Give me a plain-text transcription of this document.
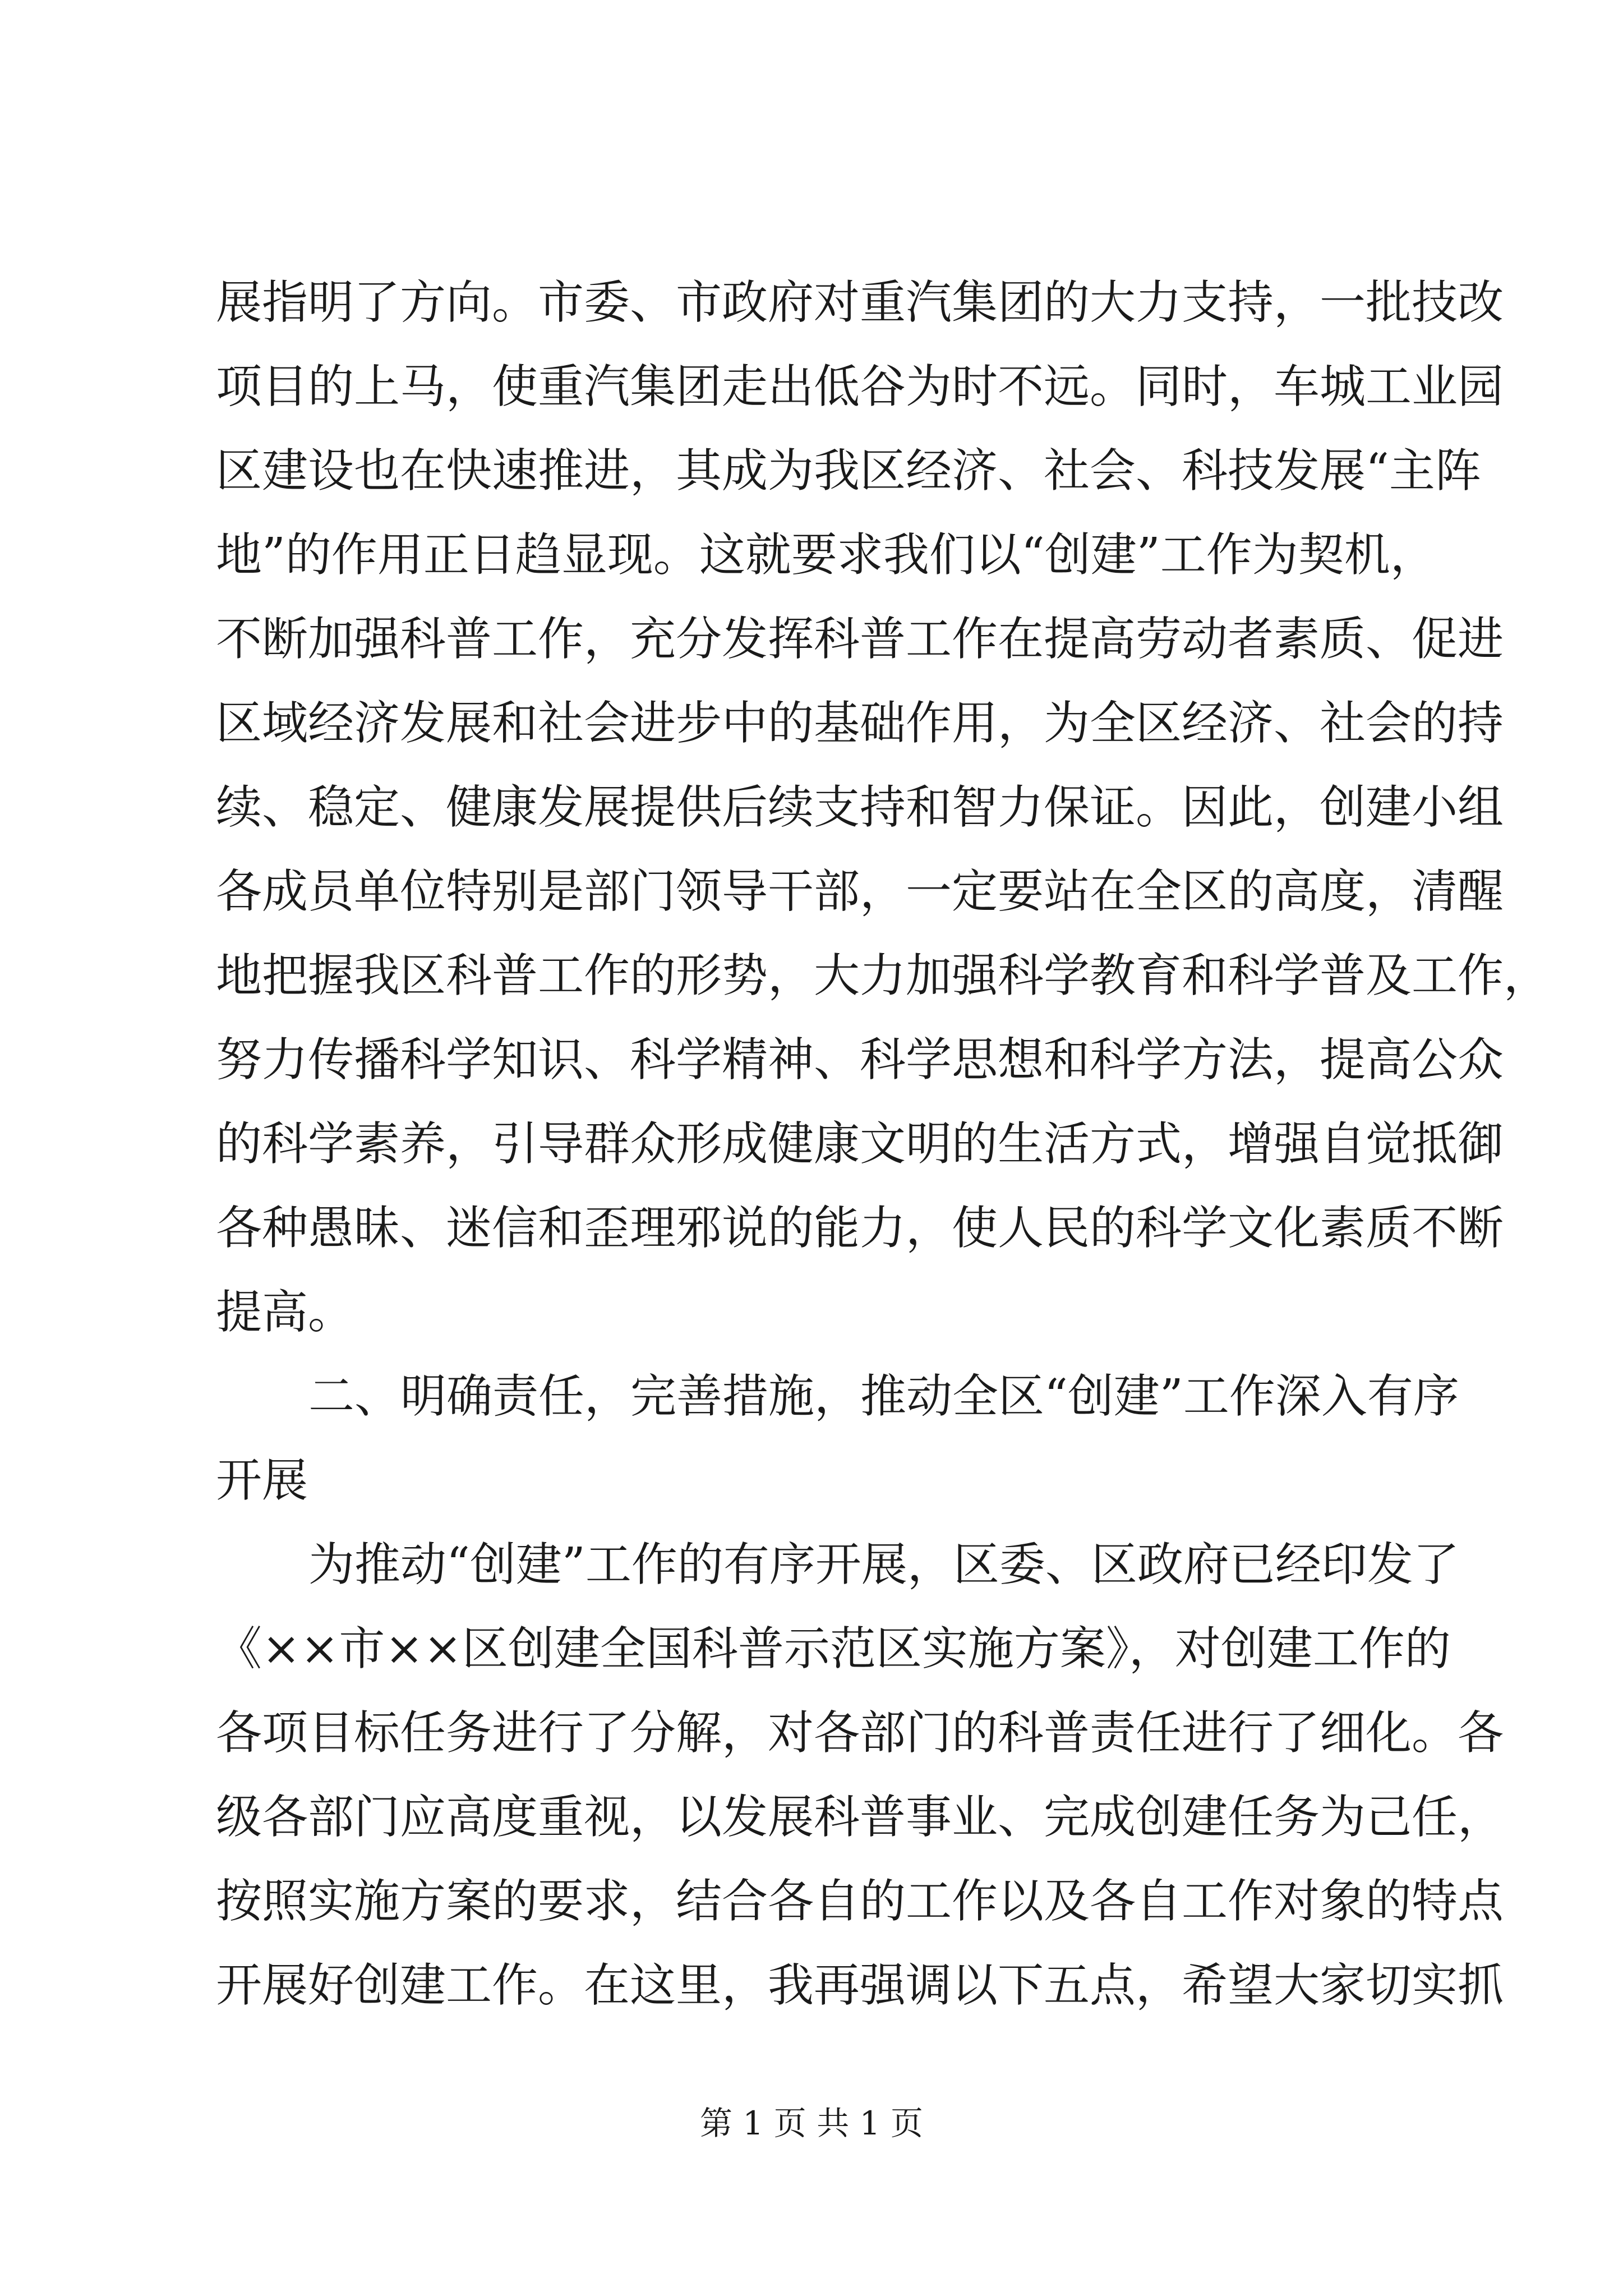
展指明了方向。市委、市政府对重汽集团的大力支持，一批技改
项目的上马，使重汽集团走出低谷为时不远。同时，车城工业园
区建设也在快速推进，其成为我区经济、社会、科技发展“主阵
地”的作用正日趋显现。这就要求我们以“创建”工作为契机，
不断加强科普工作，充分发挥科普工作在提高劳动者素质、促进
区域经济发展和社会进步中的基础作用，为全区经济、社会的持
续、稳定、健康发展提供后续支持和智力保证。因此，创建小组
各成员单位特别是部门领导干部，一定要站在全区的高度，清醒
地把握我区科普工作的形势，大力加强科学教育和科学普及工作，
努力传播科学知识、科学精神、科学思想和科学方法，提高公众
的科学素养，引导群众形成健康文明的生活方式，增强自觉抵御
各种愚昧、迷信和歪理邪说的能力，使人民的科学文化素质不断
提高。
二、明确责任，完善措施，推动全区“创建”工作深入有序
开展
为推动“创建”工作的有序开展，区委、区政府已经印发了
《××市××区创建全国科普示范区实施方案》，对创建工作的
各项目标任务进行了分解，对各部门的科普责任进行了细化。各
级各部门应高度重视，以发展科普事业、完成创建任务为己任，
按照实施方案的要求，结合各自的工作以及各自工作对象的特点
开展好创建工作。在这里，我再强调以下五点，希望大家切实抓
第 1 页 共 1 页
